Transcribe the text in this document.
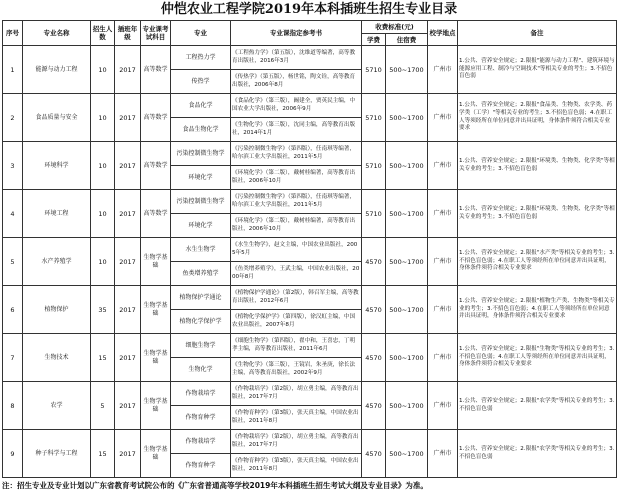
仲恺农业工程学院2019年本科插班生招生专业目录
序号	专业名称	招生人数	插班年级	专业课考试科目	专业	专业课指定参考书	收费标准(元)		校学地点	备注
							学费	住宿费		
1	能源与动力工程	10	2017	高等数学	工程热力学	《工程热力学》（第五版），沈维道等编著，高等教育出版社，2016年3月	5710	500~1700	广州市	1.公共、营养安全规定；2.限报"能源与动力工程"、建筑环境与能源应用工程、制冷与空调技术"等相关专业的考生；3.不招色盲色弱
					传热学	《传热学》（第五版），杨世铭，陶文铨，高等教育出版社，2006年8月				
2	食品质量与安全	10	2017	高等数学	食品化学	《食品化学》（第三版），阚建全，贾英民主编，中国农业大学出版社，2006年9月	5710	500~1700	广州市	1.公共、营养安全规定；2.限报"食品类、生物类、农学类、药学类（工学）"等相关专业的考生；3.不招色盲色弱；4.在职工人等须经所在单位同意并出具证明，身体条件须符合相关专业要求
					食品生物化学	《生物化学》（第三版），沈同主编，高等教育出版社，2014年1月				
3	环境科学	10	2017	高等数学	污染控制微生物学	《污染控制微生物学》（第四版），任南琪等编著，哈尔滨工业大学出版社，2011年5月	5710	500~1700	广州市	1.公共、营养安全规定；2.限报"环境类、生物类、化学类"等相关专业的考生；3.不招色盲色弱
					环境化学	《环境化学》（第二版），戴树桂编著，高等教育出版社，2006年10月				
4	环境工程	10	2017	高等数学	污染控制微生物学	《污染控制微生物学》（第四版），任南琪等编著，哈尔滨工业大学出版社，2011年5月	5710	500~1700	广州市	1.公共、营养安全规定；2.限报"环境类、生物类、化学类"等相关专业的考生；3.不招色盲色弱
					环境化学	《环境化学》（第二版），戴树桂编著，高等教育出版社，2006年10月				
5	水产养殖学	10	2017	生物学基础	水生生物学	《水生生物学》，赵文主编，中国农业出版社，2005年5月	4570	500~1700	广州市	1.公共、营养安全规定；2.限报"水产类"等相关专业的考生；3.不招色盲色弱；4.在职工人等须经所在单位同意并出具证明，身体条件须符合相关专业要求
					鱼类增养殖学	《鱼类增养殖学》，王武主编，中国农业出版社，2000年8月				
6	植物保护	35	2017	生物学基础	植物保护学通论	《植物保护学通论》（第2版），韩召军主编，高等教育出版社，2012年6月	4570	500~1700	广州市	1.公共、营养安全规定；2.限报"植物生产类、生物类"等相关专业的考生；3.不招色盲色弱；4.在职工人等须经所在单位同意并出具证明，身体条件须符合相关专业要求
					植物化学保护学	《植物化学保护学》（第四版），徐汉虹主编，中国农业出版社，2007年8月				
7	生物技术	15	2017	生物学基础	细胞生物学	《细胞生物学》（第四版），翟中和，王喜忠，丁明孝主编，高等教育出版社，2011年6月	4570	500~1700	广州市	1.公共、营养安全规定；2.限报"生物类"等相关专业的考生；3.不招色盲色弱；4.在职工人等须经所在单位同意并出具证明，身体条件须符合相关专业要求
					生物化学	《生物化学》（第三版），王镜岩，朱圣庚，徐长法主编，高等教育出版社，2002年9月				
8	农学	5	2017	生物学基础	作物栽培学	《作物栽培学》（第2版），胡立勇主编，高等教育出版社，2017年7月	4570	500~1700	广州市	1.公共、营养安全规定；2.限报"农学类"等相关专业的考生；3.不招色盲色弱
					作物育种学	《作物育种学》（第3版），张天真主编，中国农业出版社，2011年8月				
9	种子科学与工程	15	2017	生物学基础	作物栽培学	《作物栽培学》（第2版），胡立勇主编，高等教育出版社，2017年7月	4570	500~1700	广州市	1.公共、营养安全规定；2.限报"农学类"等相关专业的考生；3.不招色盲色弱
					作物育种学	《作物育种学》（第3版），张天真主编，中国农业出版社，2011年8月				
注：招生专业及专业计划以广东省教育考试院公布的《广东省普通高等学校2019年本科插班生招生考试大纲及专业目录》为准。
